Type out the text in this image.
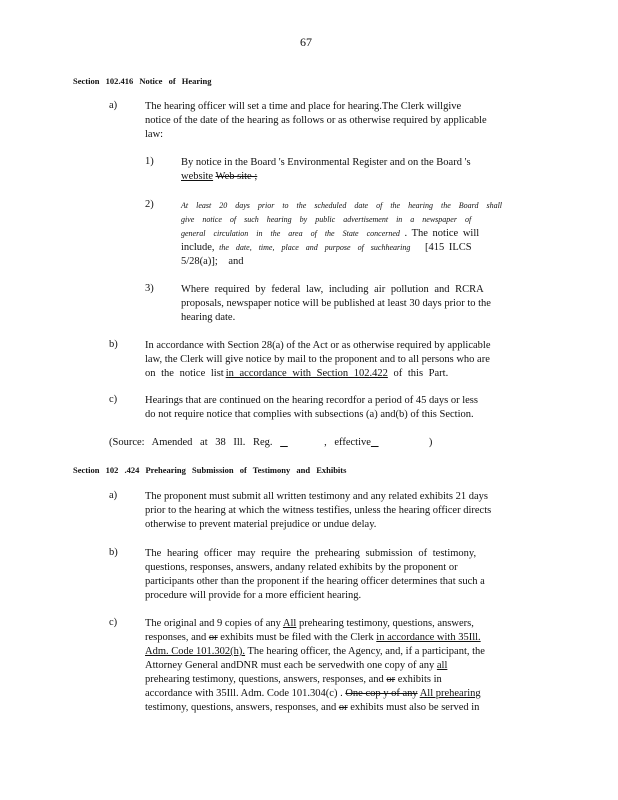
67
Section 102.416 Notice of Hearing
a)	The hearing officer will set a time and place for hearing.The Clerk willgive
notice of the date of the hearing as follows or as otherwise required by applicable
law:
1)	By notice in the Board 's Environmental Register and on the Board 's
website Web site ;
2)	At least 20 days prior to the scheduled date of the hearing the Board shall
give notice of such hearing by public advertisement in a newspaper of
general circulation in the area of the State concerned . The notice will
include, the date, time, place and purpose of suchhearing [415 ILCS
5/28(a)]; and
3)	Where required by federal law, including air pollution and RCRA
proposals, newspaper notice will be published at least 30 days prior to the
hearing date.
b)	In accordance with Section 28(a) of the Act or as otherwise required by applicable
law, the Clerk will give notice by mail to the proponent and to all persons who are
on the notice list in accordance with Section 102.422 of this Part.
c)	Hearings that are continued on the hearing recordfor a period of 45 days or less
do not require notice that complies with subsections (a) and(b) of this Section.
(Source: Amended at 38 Ill. Reg.	, effective	)
Section 102 .424 Prehearing Submission of Testimony and Exhibits
a)	The proponent must submit all written testimony and any related exhibits 21 days
prior to the hearing at which the witness testifies, unless the hearing officer directs
otherwise to prevent material prejudice or undue delay.
b)	The hearing officer may require the prehearing submission of testimony,
questions, responses, answers, andany related exhibits by the proponent or
participants other than the proponent if the hearing officer determines that such a
procedure will provide for a more efficient hearing.
c)	The original and 9 copies of any All prehearing testimony, questions, answers,
responses, and or exhibits must be filed with the Clerk in accordance with 35Ill.
Adm. Code 101.302(h). The hearing officer, the Agency, and, if a participant, the
Attorney General andDNR must each be servedwith one copy of any all
prehearing testimony, questions, answers, responses, and or exhibits in
accordance with 35Ill. Adm. Code 101.304(c) . One cop y of any All prehearing
testimony, questions, answers, responses, and or exhibits must also be served in
